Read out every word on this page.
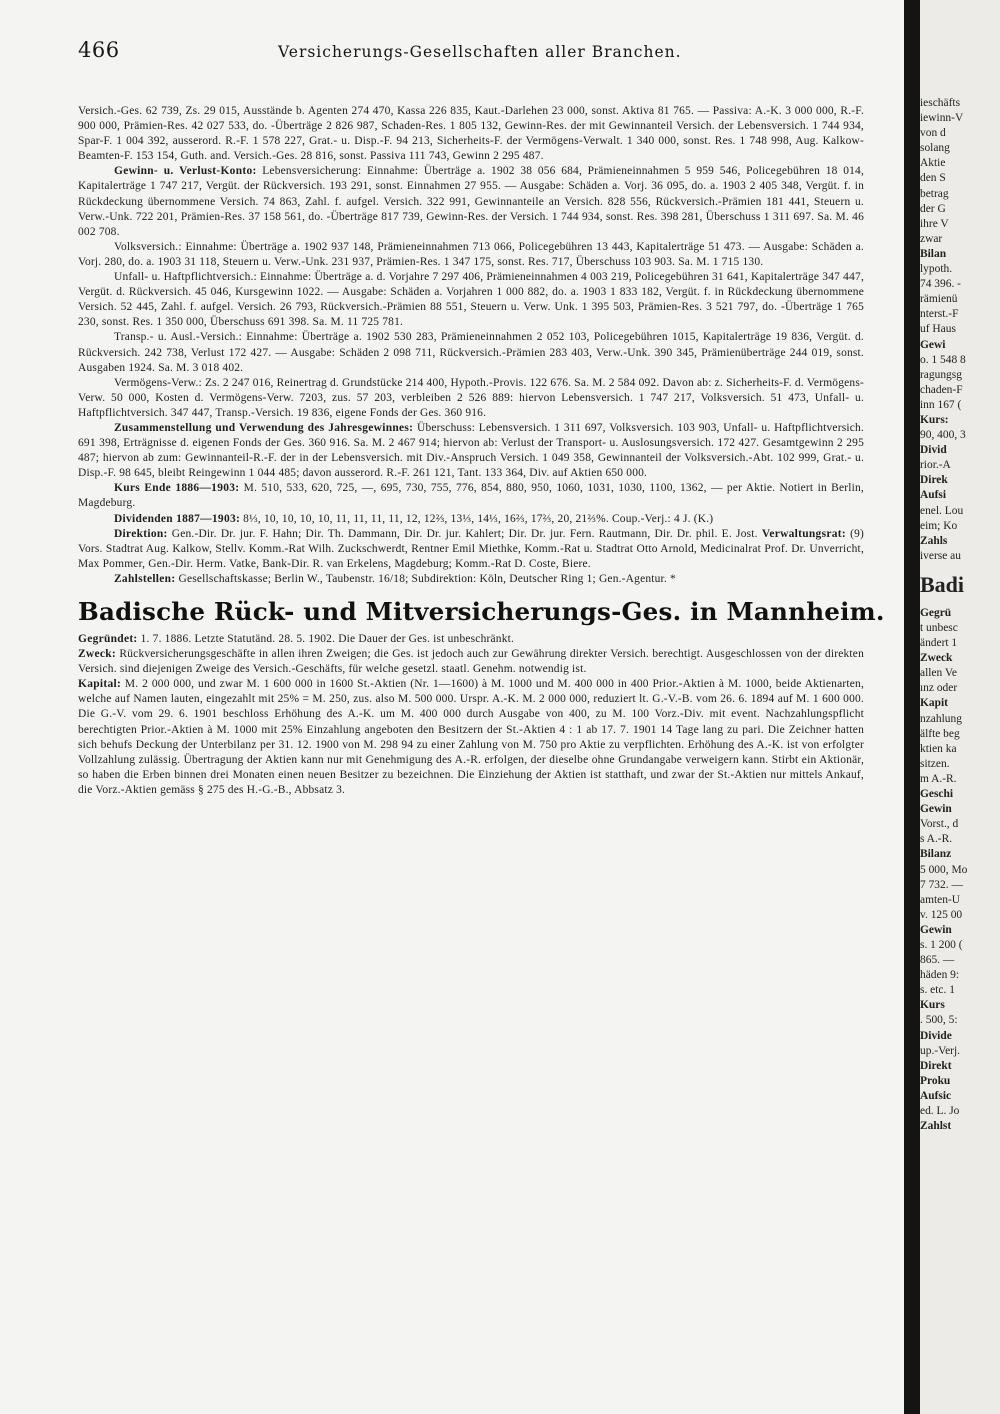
466	Versicherungs-Gesellschaften aller Branchen.

Versich.-Ges. 62 739, Zs. 29 015, Ausstände b. Agenten 274 470, Kassa 226 835, Kaut.-Darlehen 23 000, sonst. Aktiva 81 765. — Passiva: A.-K. 3 000 000, R.-F. 900 000, Prämien-Res. 42 027 533, do. -Überträge 2 826 987, Schaden-Res. 1 805 132, Gewinn-Res. der mit Gewinnanteil Versich. der Lebensversich. 1 744 934, Spar-F. 1 004 392, ausserord. R.-F. 1 578 227, Grat.- u. Disp.-F. 94 213, Sicherheits-F. der Vermögens-Verwalt. 1 340 000, sonst. Res. 1 748 998, Aug. Kalkow-Beamten-F. 153 154, Guth. and. Versich.-Ges. 28 816, sonst. Passiva 111 743, Gewinn 2 295 487.

Gewinn- u. Verlust-Konto: Lebensversicherung: Einnahme: Überträge a. 1902 38 056 684, Prämieneinnahmen 5 959 546, Policegebühren 18 014, Kapitalerträge 1 747 217, Vergüt. der Rückversich. 193 291, sonst. Einnahmen 27 955. — Ausgabe: Schäden a. Vorj. 36 095, do. a. 1903 2 405 348, Vergüt. f. in Rückdeckung übernommene Versich. 74 863, Zahl. f. aufgel. Versich. 322 991, Gewinnanteile an Versich. 828 556, Rückversich.-Prämien 181 441, Steuern u. Verw.-Unk. 722 201, Prämien-Res. 37 158 561, do. -Überträge 817 739, Gewinn-Res. der Versich. 1 744 934, sonst. Res. 398 281, Überschuss 1 311 697. Sa. M. 46 002 708.

Volksversich.: Einnahme: Überträge a. 1902 937 148, Prämieneinnahmen 713 066, Policegebühren 13 443, Kapitalerträge 51 473. — Ausgabe: Schäden a. Vorj. 280, do. a. 1903 31 118, Steuern u. Verw.-Unk. 231 937, Prämien-Res. 1 347 175, sonst. Res. 717, Überschuss 103 903. Sa. M. 1 715 130.

Unfall- u. Haftpflichtversich.: Einnahme: Überträge a. d. Vorjahre 7 297 406, Prämieneinnahmen 4 003 219, Policegebühren 31 641, Kapitalerträge 347 447, Vergüt. d. Rückversich. 45 046, Kursgewinn 1022. — Ausgabe: Schäden a. Vorjahren 1 000 882, do. a. 1903 1 833 182, Vergüt. f. in Rückdeckung übernommene Versich. 52 445, Zahl. f. aufgel. Versich. 26 793, Rückversich.-Prämien 88 551, Steuern u. Verw. Unk. 1 395 503, Prämien-Res. 3 521 797, do. -Überträge 1 765 230, sonst. Res. 1 350 000, Überschuss 691 398. Sa. M. 11 725 781.

Transp.- u. Ausl.-Versich.: Einnahme: Überträge a. 1902 530 283, Prämieneinnahmen 2 052 103, Policegebühren 1015, Kapitalerträge 19 836, Vergüt. d. Rückversich. 242 738, Verlust 172 427. — Ausgabe: Schäden 2 098 711, Rückversich.-Prämien 283 403, Verw.-Unk. 390 345, Prämienüberträge 244 019, sonst. Ausgaben 1924. Sa. M. 3 018 402.

Vermögens-Verw.: Zs. 2 247 016, Reinertrag d. Grundstücke 214 400, Hypoth.-Provis. 122 676. Sa. M. 2 584 092. Davon ab: z. Sicherheits-F. d. Vermögens-Verw. 50 000, Kosten d. Vermögens-Verw. 7203, zus. 57 203, verbleiben 2 526 889: hiervon Lebensversich. 1 747 217, Volksversich. 51 473, Unfall- u. Haftpflichtversich. 347 447, Transp.-Versich. 19 836, eigene Fonds der Ges. 360 916.

Zusammenstellung und Verwendung des Jahresgewinnes: Überschuss: Lebensversich. 1 311 697, Volksversich. 103 903, Unfall- u. Haftpflichtversich. 691 398, Erträgnisse d. eigenen Fonds der Ges. 360 916. Sa. M. 2 467 914; hiervon ab: Verlust der Transport- u. Auslosungsversich. 172 427. Gesamtgewinn 2 295 487; hiervon ab zum: Gewinnanteil-R.-F. der in der Lebensversich. mit Div.-Anspruch Versich. 1 049 358, Gewinnanteil der Volksversich.-Abt. 102 999, Grat.- u. Disp.-F. 98 645, bleibt Reingewinn 1 044 485; davon ausserord. R.-F. 261 121, Tant. 133 364, Div. auf Aktien 650 000.

Kurs Ende 1886—1903: M. 510, 533, 620, 725, —, 695, 730, 755, 776, 854, 880, 950, 1060, 1031, 1030, 1100, 1362, — per Aktie. Notiert in Berlin, Magdeburg.

Dividenden 1887—1903: 8⅓, 10, 10, 10, 10, 11, 11, 11, 11, 12, 12⅔, 13⅓, 14⅓, 16⅔, 17⅔, 20, 21⅔%. Coup.-Verj.: 4 J. (K.)

Direktion: Gen.-Dir. Dr. jur. F. Hahn; Dir. Th. Dammann, Dir. Dr. jur. Kahlert; Dir. Dr. jur. Fern. Rautmann, Dir. Dr. phil. E. Jost. Verwaltungsrat: (9) Vors. Stadtrat Aug. Kalkow, Stellv. Komm.-Rat Wilh. Zuckschwerdt, Rentner Emil Miethke, Komm.-Rat u. Stadtrat Otto Arnold, Medicinalrat Prof. Dr. Unverricht, Max Pommer, Gen.-Dir. Herm. Vatke, Bank-Dir. R. van Erkelens, Magdeburg; Komm.-Rat D. Coste, Biere.

Zahlstellen: Gesellschaftskasse; Berlin W., Taubenstr. 16/18; Subdirektion: Köln, Deutscher Ring 1; Gen.-Agentur. *

Badische Rück- und Mitversicherungs-Ges. in Mannheim.

Gegründet: 1. 7. 1886. Letzte Statutänd. 28. 5. 1902. Die Dauer der Ges. ist unbeschränkt.

Zweck: Rückversicherungsgeschäfte in allen ihren Zweigen; die Ges. ist jedoch auch zur Gewährung direkter Versich. berechtigt. Ausgeschlossen von der direkten Versich. sind diejenigen Zweige des Versich.-Geschäfts, für welche gesetzl. staatl. Genehm. notwendig ist.

Kapital: M. 2 000 000, und zwar M. 1 600 000 in 1600 St.-Aktien (Nr. 1—1600) à M. 1000 und M. 400 000 in 400 Prior.-Aktien à M. 1000, beide Aktienarten, welche auf Namen lauten, eingezahlt mit 25% = M. 250, zus. also M. 500 000. Urspr. A.-K. M. 2 000 000, reduziert lt. G.-V.-B. vom 26. 6. 1894 auf M. 1 600 000. Die G.-V. vom 29. 6. 1901 beschloss Erhöhung des A.-K. um M. 400 000 durch Ausgabe von 400, zu M. 100 Vorz.-Div. mit event. Nachzahlungspflicht berechtigten Prior.-Aktien à M. 1000 mit 25% Einzahlung angeboten den Besitzern der St.-Aktien 4 : 1 ab 17. 7. 1901 14 Tage lang zu pari. Die Zeichner hatten sich behufs Deckung der Unterbilanz per 31. 12. 1900 von M. 298 94 zu einer Zahlung von M. 750 pro Aktie zu verpflichten. Erhöhung des A.-K. ist von erfolgter Vollzahlung zulässig. Übertragung der Aktien kann nur mit Genehmigung des A.-R. erfolgen, der dieselbe ohne Grundangabe verweigern kann. Stirbt ein Aktionär, so haben die Erben binnen drei Monaten einen neuen Besitzer zu bezeichnen. Die Einziehung der Aktien ist statthaft, und zwar der St.-Aktien nur mittels Ankauf, die Vorz.-Aktien gemäss § 275 des H.-G.-B., Abbsatz 3.

ieschäfts
iewinn-V
von d
solang
Aktie
den S
betrag
der G
ihre V
zwar
Bilan
lypoth.
74 396. -
rämienü
nterst.-F
uf Haus
Gewi
o. 1 548 8
ragungsg
chaden-F
inn 167 (
Kurs:
90, 400, 3
Divid
rior.-A
Direk
Aufsi
enel. Lou
eim; Ko
Zahls
iverse au
Badi
Gegrü
t unbesc
ändert 1
Zweck
allen Ve
ınz oder
Kapit
nzahlung
älfte beg
ktien ka
sitzen.
m A.-R.
Geschi
Gewin
Vorst., d
s A.-R.
Bilanz
5 000, Mo
7 732. —
amten-U
v. 125 00
Gewin
s. 1 200 (
865. —
häden 9:
s. etc. 1
Kurs
. 500, 5:
Divide
up.-Verj.
Direkt
Proku
Aufsic
ed. L. Jo
Zahlst
